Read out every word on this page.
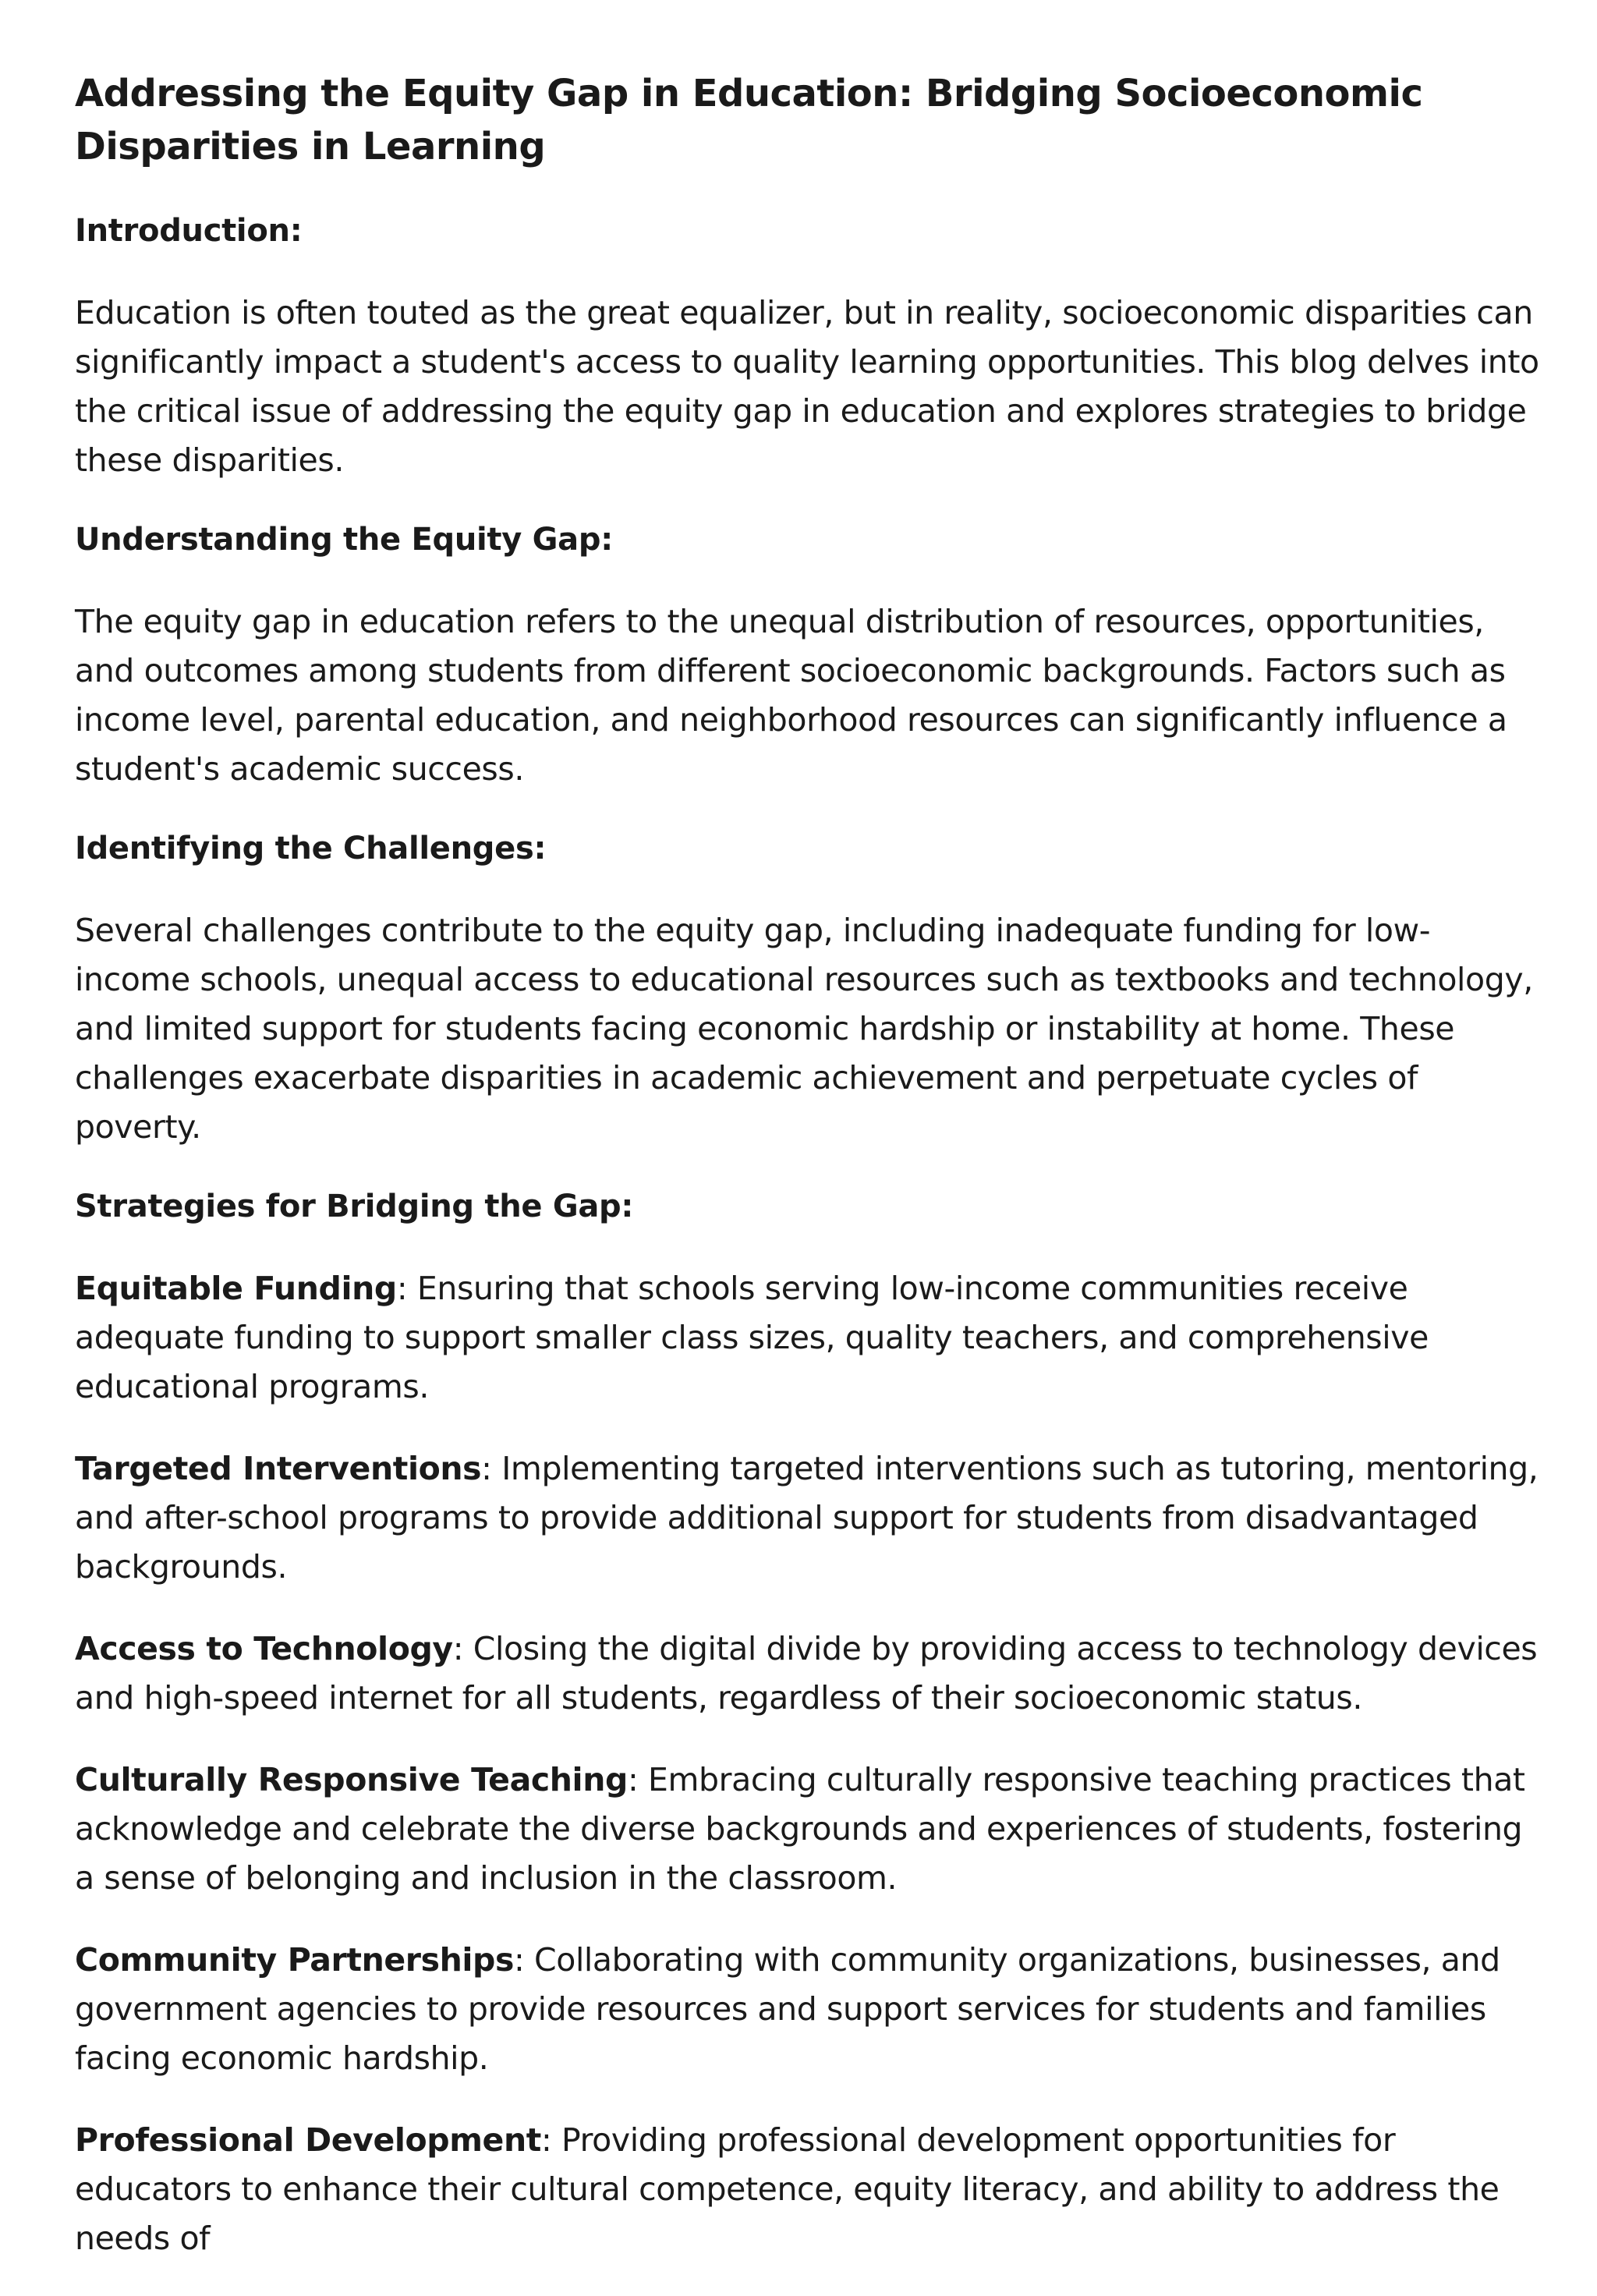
Addressing the Equity Gap in Education: Bridging Socioeconomic Disparities in Learning
Introduction:

Education is often touted as the great equalizer, but in reality, socioeconomic disparities can significantly impact a student's access to quality learning opportunities. This blog delves into the critical issue of addressing the equity gap in education and explores strategies to bridge these disparities.

Understanding the Equity Gap:

The equity gap in education refers to the unequal distribution of resources, opportunities, and outcomes among students from different socioeconomic backgrounds. Factors such as income level, parental education, and neighborhood resources can significantly influence a student's academic success.

Identifying the Challenges:

Several challenges contribute to the equity gap, including inadequate funding for low-income schools, unequal access to educational resources such as textbooks and technology, and limited support for students facing economic hardship or instability at home. These challenges exacerbate disparities in academic achievement and perpetuate cycles of poverty.

Strategies for Bridging the Gap:

Equitable Funding: Ensuring that schools serving low-income communities receive adequate funding to support smaller class sizes, quality teachers, and comprehensive educational programs.

Targeted Interventions: Implementing targeted interventions such as tutoring, mentoring, and after-school programs to provide additional support for students from disadvantaged backgrounds.

Access to Technology: Closing the digital divide by providing access to technology devices and high-speed internet for all students, regardless of their socioeconomic status.

Culturally Responsive Teaching: Embracing culturally responsive teaching practices that acknowledge and celebrate the diverse backgrounds and experiences of students, fostering a sense of belonging and inclusion in the classroom.

Community Partnerships: Collaborating with community organizations, businesses, and government agencies to provide resources and support services for students and families facing economic hardship.

Professional Development: Providing professional development opportunities for educators to enhance their cultural competence, equity literacy, and ability to address the needs of
